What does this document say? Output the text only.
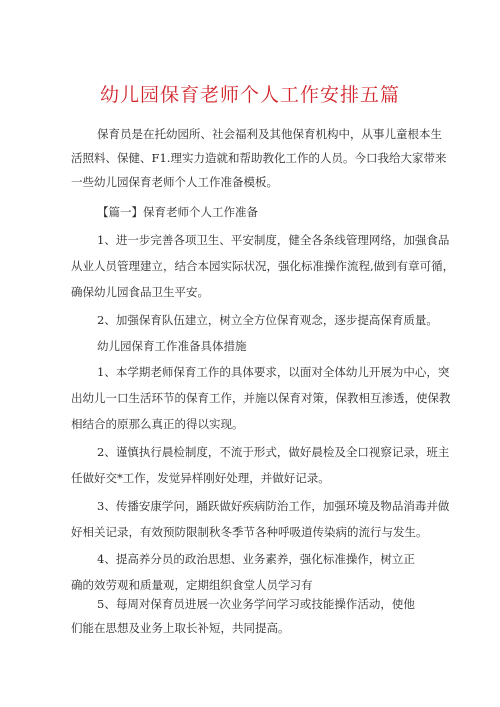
幼儿园保育老师个人工作安排五篇
保育员是在托幼园所、社会福利及其他保育机构中，从事儿童根本生
活照料、保健、F1.理实力造就和帮助教化工作的人员。今口我给大家带来
一些幼儿园保育老师个人工作准备模板。
【篇一】保育老师个人工作准备
1、进一步完善各项卫生、平安制度，健全各条线管理网络，加强食品
从业人员管理建立，结合本园实际状况，强化标准操作流程,做到有章可循，
确保幼儿园食品卫生平安。
2、加强保育队伍建立，树立全方位保育观念，逐步提高保育质量。
幼儿园保育工作准备具体措施
1、本学期老师保育工作的具体要求，以面对全体幼儿开展为中心，突
出幼儿一口生活环节的保育工作，并施以保育对策，保教相互渗透，使保教
相结合的原那么真正的得以实现。
2、谨慎执行晨检制度，不流于形式，做好晨检及全口视察记录，班主
任做好交*工作，发觉异样刚好处理，并做好记录。
3、传播安康学问，踊跃做好疾病防治工作，加强环境及物品消毒并做
好相关记录，有效预防限制秋冬季节各种呼吸道传染病的流行与发生。
4、提高养分员的政治思想、业务素养，强化标准操作，树立正
确的效劳观和质量观，定期组织食堂人员学习有
5、每周对保育员进展一次业务学问学习或技能操作活动，使他
们能在思想及业务上取长补短，共同提高。
